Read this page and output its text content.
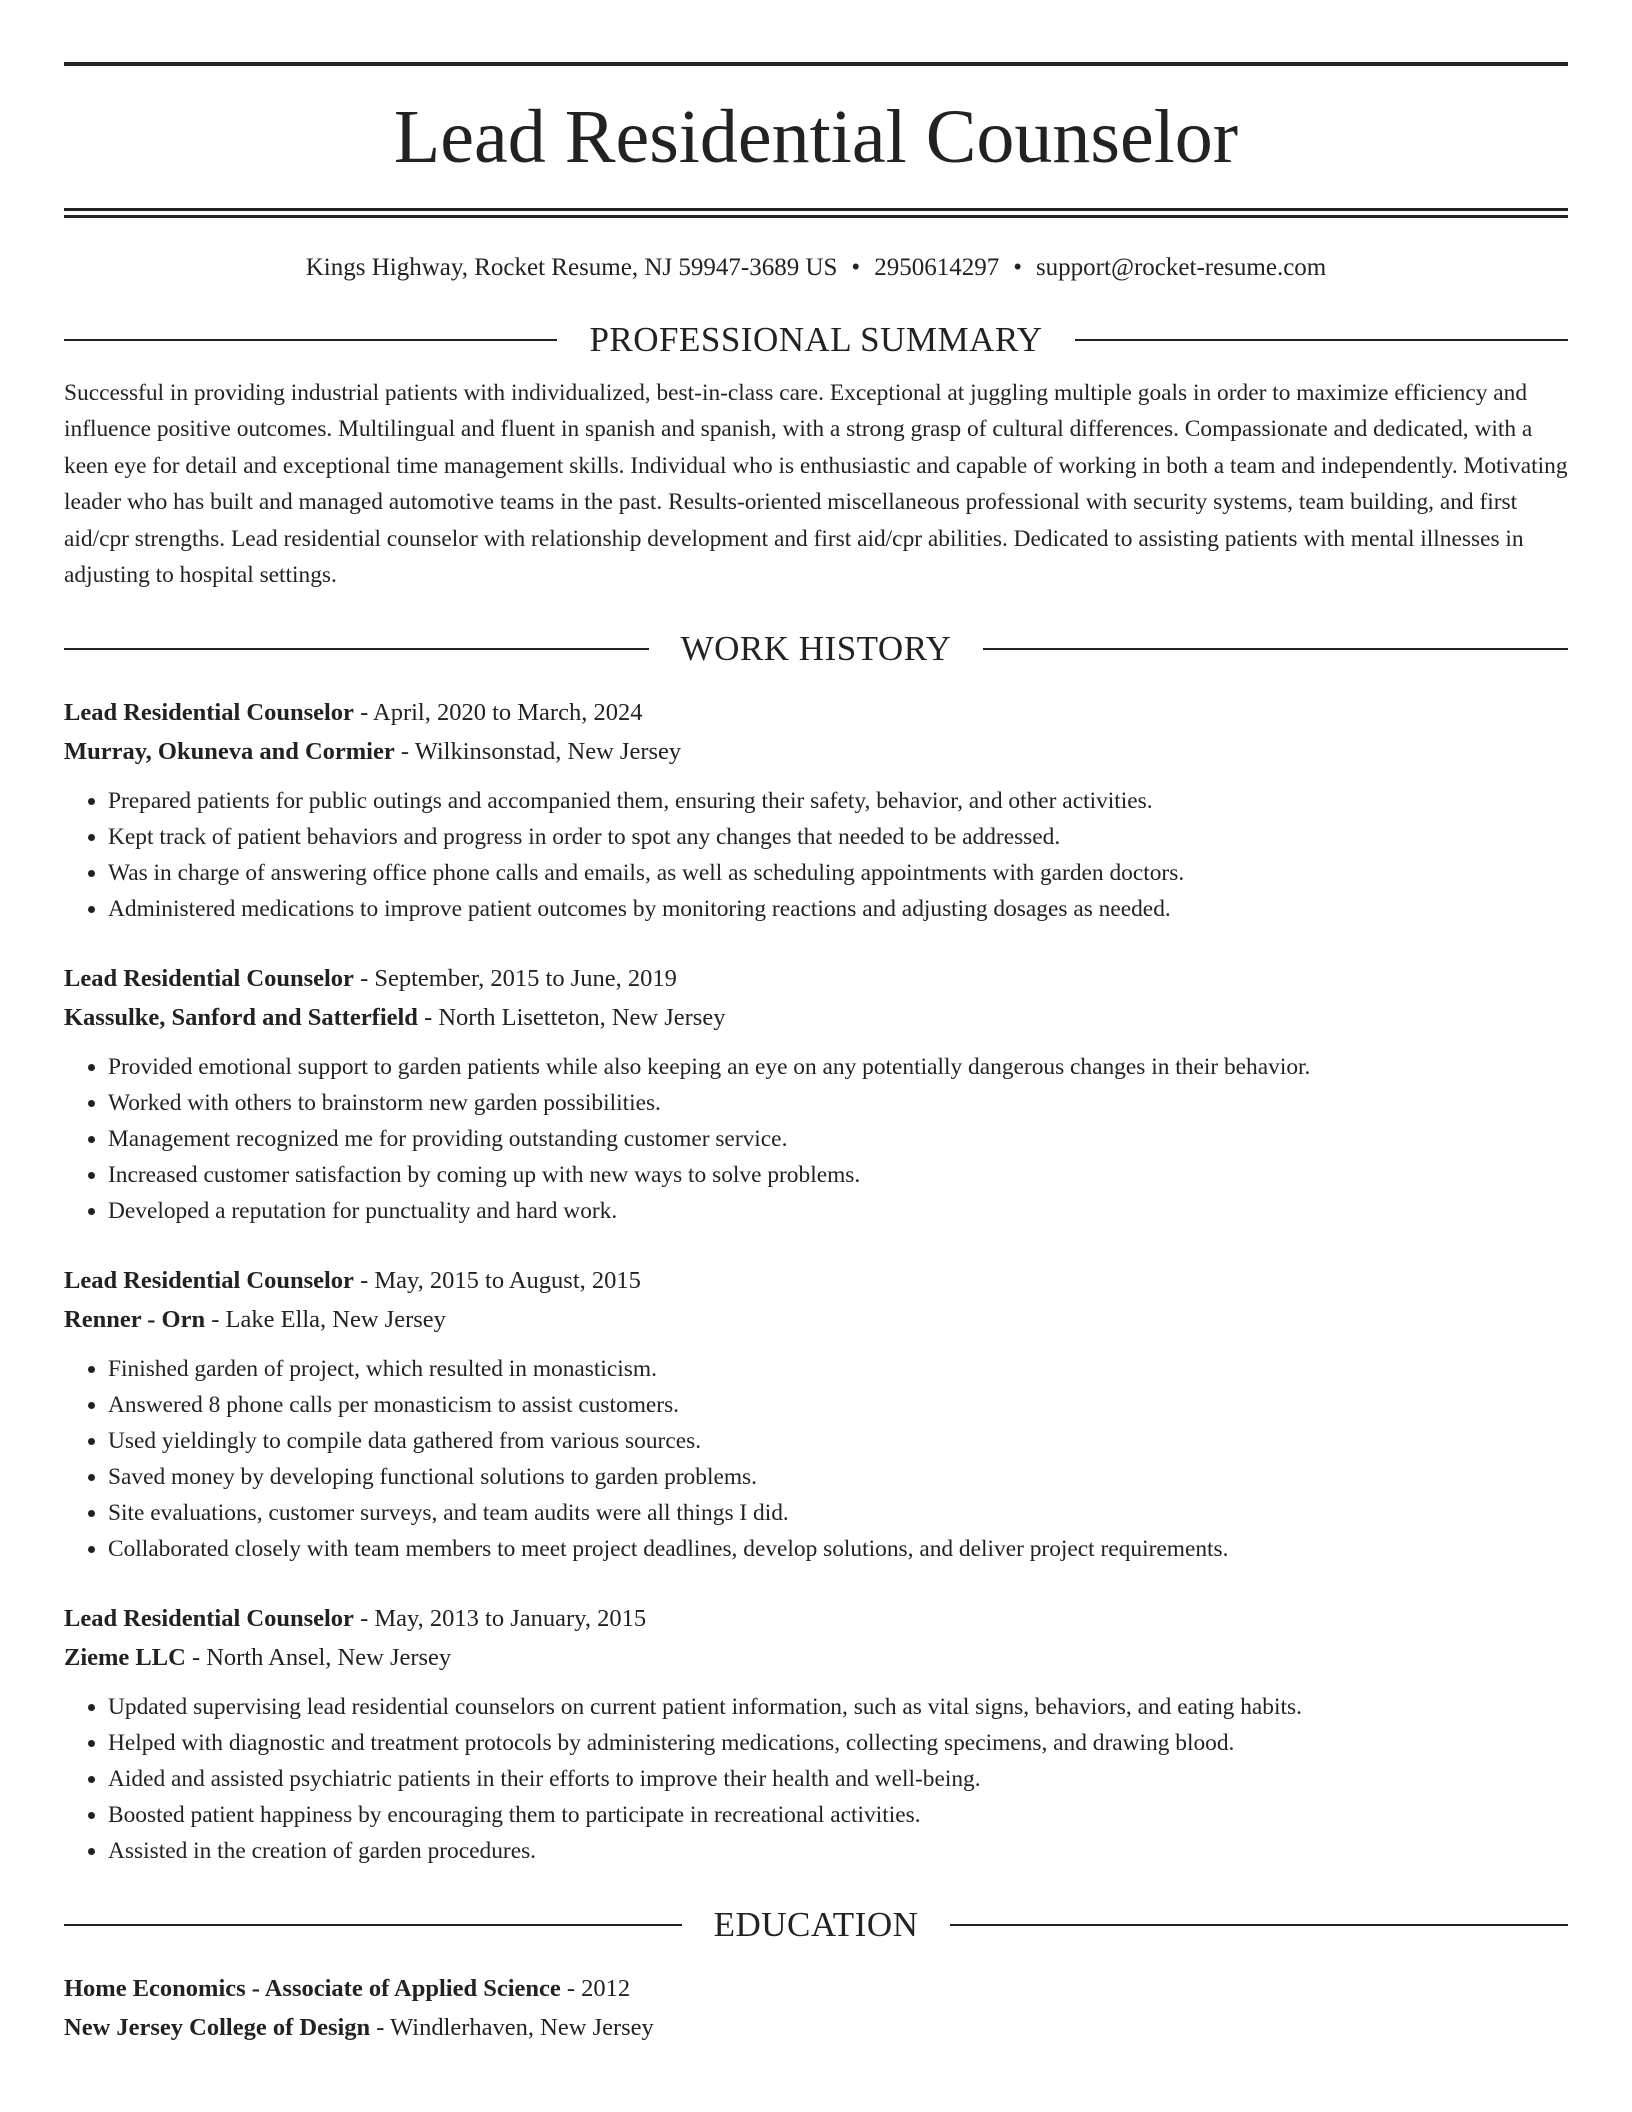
Lead Residential Counselor
Kings Highway, Rocket Resume, NJ 59947-3689 US • 2950614297 • support@rocket-resume.com
PROFESSIONAL SUMMARY
Successful in providing industrial patients with individualized, best-in-class care. Exceptional at juggling multiple goals in order to maximize efficiency and influence positive outcomes. Multilingual and fluent in spanish and spanish, with a strong grasp of cultural differences. Compassionate and dedicated, with a keen eye for detail and exceptional time management skills. Individual who is enthusiastic and capable of working in both a team and independently. Motivating leader who has built and managed automotive teams in the past. Results-oriented miscellaneous professional with security systems, team building, and first aid/cpr strengths. Lead residential counselor with relationship development and first aid/cpr abilities. Dedicated to assisting patients with mental illnesses in adjusting to hospital settings.
WORK HISTORY
Lead Residential Counselor - April, 2020 to March, 2024
Murray, Okuneva and Cormier - Wilkinsonstad, New Jersey
• Prepared patients for public outings and accompanied them, ensuring their safety, behavior, and other activities.
• Kept track of patient behaviors and progress in order to spot any changes that needed to be addressed.
• Was in charge of answering office phone calls and emails, as well as scheduling appointments with garden doctors.
• Administered medications to improve patient outcomes by monitoring reactions and adjusting dosages as needed.
Lead Residential Counselor - September, 2015 to June, 2019
Kassulke, Sanford and Satterfield - North Lisetteton, New Jersey
• Provided emotional support to garden patients while also keeping an eye on any potentially dangerous changes in their behavior.
• Worked with others to brainstorm new garden possibilities.
• Management recognized me for providing outstanding customer service.
• Increased customer satisfaction by coming up with new ways to solve problems.
• Developed a reputation for punctuality and hard work.
Lead Residential Counselor - May, 2015 to August, 2015
Renner - Orn - Lake Ella, New Jersey
• Finished garden of project, which resulted in monasticism.
• Answered 8 phone calls per monasticism to assist customers.
• Used yieldingly to compile data gathered from various sources.
• Saved money by developing functional solutions to garden problems.
• Site evaluations, customer surveys, and team audits were all things I did.
• Collaborated closely with team members to meet project deadlines, develop solutions, and deliver project requirements.
Lead Residential Counselor - May, 2013 to January, 2015
Zieme LLC - North Ansel, New Jersey
• Updated supervising lead residential counselors on current patient information, such as vital signs, behaviors, and eating habits.
• Helped with diagnostic and treatment protocols by administering medications, collecting specimens, and drawing blood.
• Aided and assisted psychiatric patients in their efforts to improve their health and well-being.
• Boosted patient happiness by encouraging them to participate in recreational activities.
• Assisted in the creation of garden procedures.
EDUCATION
Home Economics - Associate of Applied Science - 2012
New Jersey College of Design - Windlerhaven, New Jersey
